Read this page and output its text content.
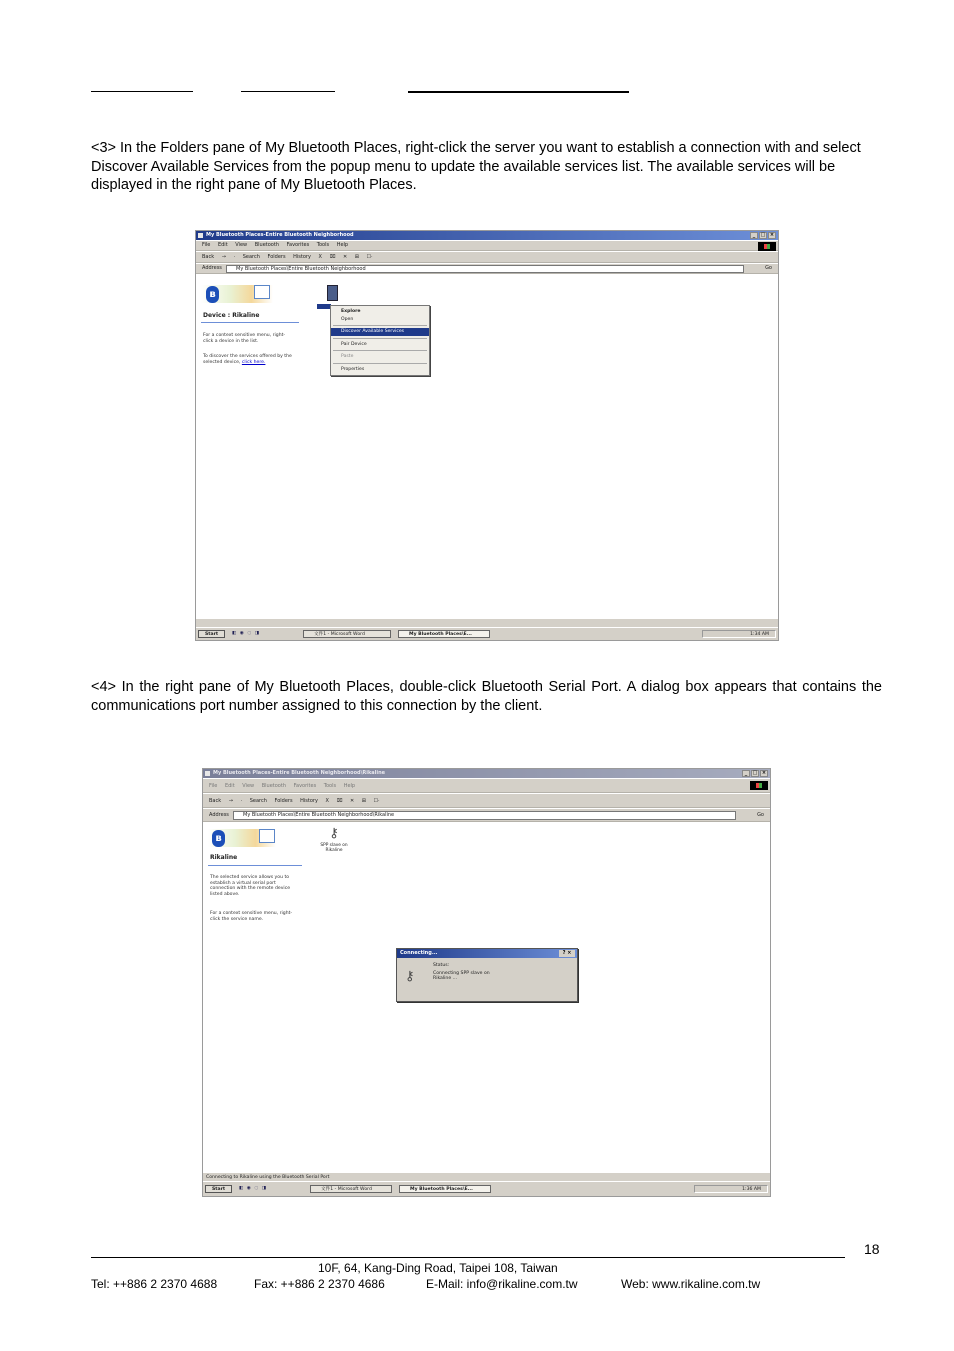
<3> In the Folders pane of My Bluetooth Places, right-click the server you want to establish a connection with and select Discover Available Services from the popup menu to update the available services list. The available services will be displayed in the right pane of My Bluetooth Places.

My Bluetooth Places-Entire Bluetooth Neighborhood	_	□ ×
File Edit View Bluetooth Favorites Tools Help
Back → · Search Folders History X ⌧ ✕ ⊞ ☐·
Address	My Bluetooth Places\Entire Bluetooth Neighborhood	Go
ʙ
Device : Rikaline
For a context sensitive menu, right-click a device in the list.
To discover the services offered by the selected device, click here.
Explore
Open
Discover Available Services
Pair Device
Paste
Properties
Start	◧ ◉ ◌ ◨	文件1 - Microsoft Word	My Bluetooth Places\E...	1:34 AM

<4> In the right pane of My Bluetooth Places, double-click Bluetooth Serial Port. A dialog box appears that contains the communications port number assigned to this connection by the client.

My Bluetooth Places-Entire Bluetooth Neighborhood\Rikaline	_	□ ×
File Edit View Bluetooth Favorites Tools Help
Back → · Search Folders History X ⌧ ✕ ⊞ ☐·
Address	My Bluetooth Places\Entire Bluetooth Neighborhood\Rikaline	Go
ʙ
Rikaline
The selected service allows you to establish a virtual serial port connection with the remote device listed above.
For a context sensitive menu, right-click the service name.
⚷
SPP slave on Rikaline
Connecting...	? ×
⚷
Status:
Connecting SPP slave on Rikaline ...
Connecting to Rikaline using the Bluetooth Serial Port
Start	◧ ◉ ◌ ◨	文件1 - Microsoft Word	My Bluetooth Places\E...	1:36 AM
18
10F, 64, Kang-Ding Road, Taipei 108, Taiwan
Tel: ++886 2 2370 4688	Fax: ++886 2 2370 4686	E-Mail: info@rikaline.com.tw	Web: www.rikaline.com.tw
